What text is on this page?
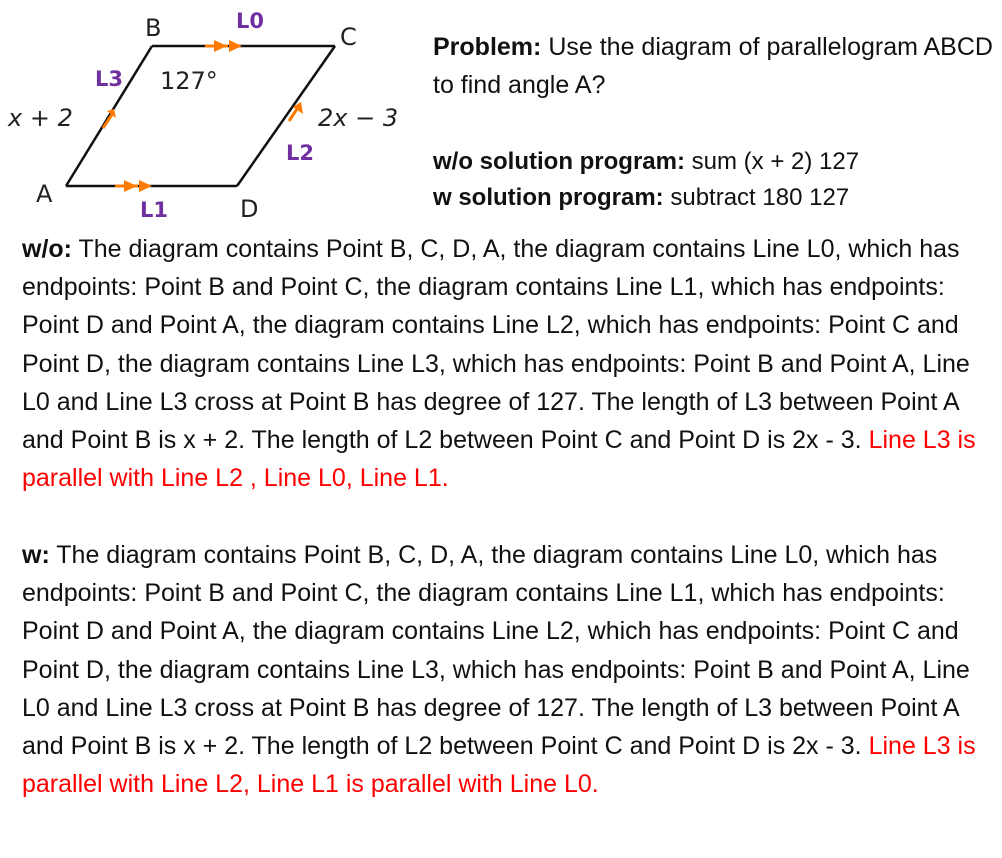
B	C
A
D
L0
L3
L2
L1
127°
x + 2	2x − 3
Problem: Use the diagram of parallelogram ABCD to find angle A?
w/o solution program: sum (x + 2) 127
w solution program: subtract 180 127
w/o: The diagram contains Point B, C, D, A, the diagram contains Line L0, which has endpoints: Point B and Point C, the diagram contains Line L1, which has endpoints: Point D and Point A, the diagram contains Line L2, which has endpoints: Point C and Point D, the diagram contains Line L3, which has endpoints: Point B and Point A, Line L0 and Line L3 cross at Point B has degree of 127. The length of L3 between Point A and Point B is x + 2. The length of L2 between Point C and Point D is 2x - 3. Line L3 is parallel with Line L2 , Line L0, Line L1.
w: The diagram contains Point B, C, D, A, the diagram contains Line L0, which has endpoints: Point B and Point C, the diagram contains Line L1, which has endpoints: Point D and Point A, the diagram contains Line L2, which has endpoints: Point C and Point D, the diagram contains Line L3, which has endpoints: Point B and Point A, Line L0 and Line L3 cross at Point B has degree of 127. The length of L3 between Point A and Point B is x + 2. The length of L2 between Point C and Point D is 2x - 3. Line L3 is parallel with Line L2, Line L1 is parallel with Line L0.
